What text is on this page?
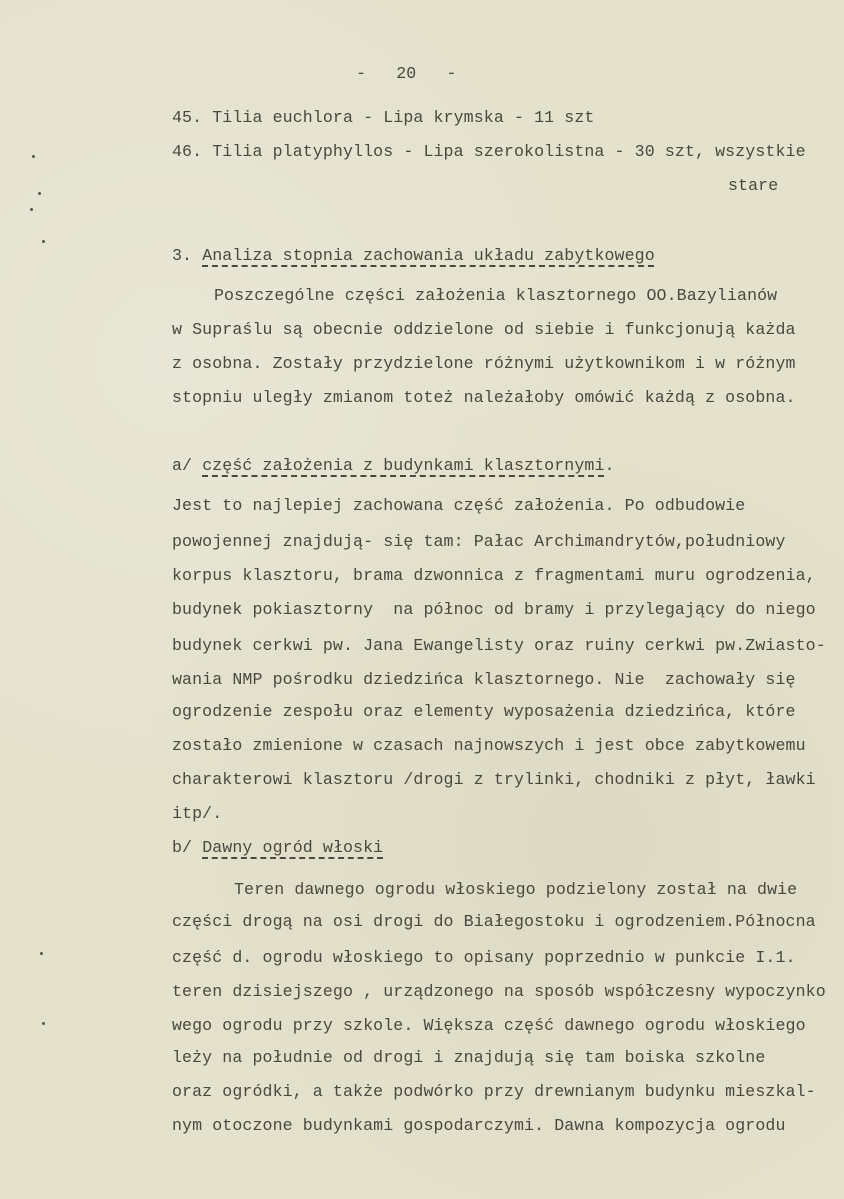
-   20   -
45. Tilia euchlora - Lipa krymska - 11 szt
46. Tilia platyphyllos - Lipa szerokolistna - 30 szt, wszystkie
stare
3. Analiza stopnia zachowania układu zabytkowego
Poszczególne części założenia klasztornego OO.Bazylianów
w Supraślu są obecnie oddzielone od siebie i funkcjonują każda
z osobna. Zostały przydzielone różnymi użytkownikom i w różnym
stopniu uległy zmianom toteż należałoby omówić każdą z osobna.
a/ część założenia z budynkami klasztornymi.
Jest to najlepiej zachowana część założenia. Po odbudowie
powojennej znajdują- się tam: Pałac Archimandrytów,południowy
korpus klasztoru, brama dzwonnica z fragmentami muru ogrodzenia,
budynek pokiasztorny  na północ od bramy i przylegający do niego
budynek cerkwi pw. Jana Ewangelisty oraz ruiny cerkwi pw.Zwiasto-
wania NMP pośrodku dziedzińca klasztornego. Nie  zachowały się
ogrodzenie zespołu oraz elementy wyposażenia dziedzińca, które
zostało zmienione w czasach najnowszych i jest obce zabytkowemu
charakterowi klasztoru /drogi z trylinki, chodniki z płyt, ławki
itp/.
b/ Dawny ogród włoski
Teren dawnego ogrodu włoskiego podzielony został na dwie
części drogą na osi drogi do Białegostoku i ogrodzeniem.Północna
część d. ogrodu włoskiego to opisany poprzednio w punkcie I.1.
teren dzisiejszego , urządzonego na sposób współczesny wypoczynko
wego ogrodu przy szkole. Większa część dawnego ogrodu włoskiego
leży na południe od drogi i znajdują się tam boiska szkolne
oraz ogródki, a także podwórko przy drewnianym budynku mieszkal-
nym otoczone budynkami gospodarczymi. Dawna kompozycja ogrodu
